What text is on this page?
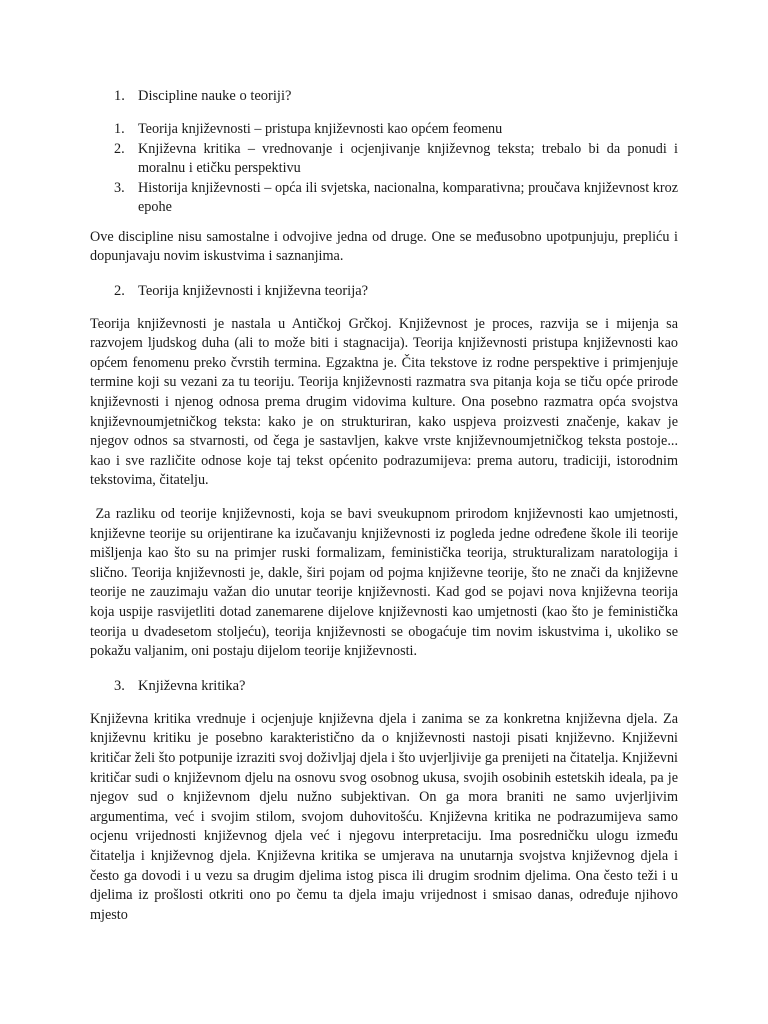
1. Discipline nauke o teoriji?
1. Teorija književnosti – pristupa književnosti kao općem feomenu
2. Književna kritika – vrednovanje i ocjenjivanje književnog teksta; trebalo bi da ponudi i moralnu i etičku perspektivu
3. Historija književnosti – opća ili svjetska, nacionalna, komparativna; proučava književnost kroz epohe

Ove discipline nisu samostalne i odvojive jedna od druge. One se međusobno upotpunjuju, prepliću i dopunjavaju novim iskustvima i saznanjima.

2. Teorija književnosti i književna teorija?

Teorija književnosti je nastala u Antičkoj Grčkoj. Književnost je proces, razvija se i mijenja sa razvojem ljudskog duha (ali to može biti i stagnacija). Teorija književnosti pristupa književnosti kao općem fenomenu preko čvrstih termina. Egzaktna je. Čita tekstove iz rodne perspektive i primjenjuje termine koji su vezani za tu teoriju. Teorija književnosti razmatra sva pitanja koja se tiču opće prirode književnosti i njenog odnosa prema drugim vidovima kulture. Ona posebno razmatra opća svojstva književnoumjetničkog teksta: kako je on strukturiran, kako uspjeva proizvesti značenje, kakav je njegov odnos sa stvarnosti, od čega je sastavljen, kakve vrste književnoumjetničkog teksta postoje... kao i sve različite odnose koje taj tekst općenito podrazumijeva: prema autoru, tradiciji, istorodnim tekstovima, čitatelju.

Za razliku od teorije književnosti, koja se bavi sveukupnom prirodom književnosti kao umjetnosti, književne teorije su orijentirane ka izučavanju književnosti iz pogleda jedne određene škole ili teorije mišljenja kao što su na primjer ruski formalizam, feministička teorija, strukturalizam naratologija i slično. Teorija književnosti je, dakle, širi pojam od pojma književne teorije, što ne znači da književne teorije ne zauzimaju važan dio unutar teorije književnosti. Kad god se pojavi nova književna teorija koja uspije rasvijetliti dotad zanemarene dijelove književnosti kao umjetnosti (kao što je feministička teorija u dvadesetom stoljeću), teorija književnosti se obogaćuje tim novim iskustvima i, ukoliko se pokažu valjanim, oni postaju dijelom teorije književnosti.

3. Književna kritika?

Književna kritika vrednuje i ocjenjuje književna djela i zanima se za konkretna književna djela. Za književnu kritiku je posebno karakteristično da o književnosti nastoji pisati književno. Književni kritičar želi što potpunije izraziti svoj doživljaj djela i što uvjerljivije ga prenijeti na čitatelja. Književni kritičar sudi o književnom djelu na osnovu svog osobnog ukusa, svojih osobinih estetskih ideala, pa je njegov sud o književnom djelu nužno subjektivan. On ga mora braniti ne samo uvjerljivim argumentima, već i svojim stilom, svojom duhovitošću. Književna kritika ne podrazumijeva samo ocjenu vrijednosti književnog djela već i njegovu interpretaciju. Ima posredničku ulogu između čitatelja i književnog djela. Književna kritika se umjerava na unutarnja svojstva književnog djela i često ga dovodi i u vezu sa drugim djelima istog pisca ili drugim srodnim djelima. Ona često teži i u djelima iz prošlosti otkriti ono po čemu ta djela imaju vrijednost i smisao danas, određuje njihovo mjesto
